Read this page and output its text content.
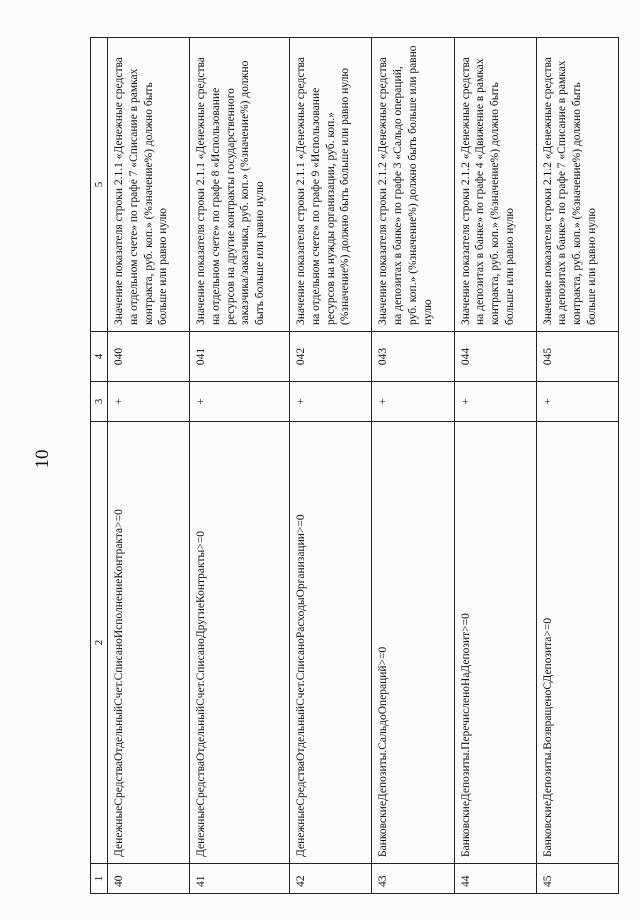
10
1	2	3	4	5
40	ДенежныеСредстваОтдельныйСчет.СписаноИсполнениеКонтракта>=0	+	040	Значение показателя строки 2.1.1 «Денежные средства на отдельном счете» по графе 7 «Списание в рамках контракта, руб. коп.» (%значение%) должно быть больше или равно нулю
41	ДенежныеСредстваОтдельныйСчет.СписаноДругиеКонтракты>=0	+	041	Значение показателя строки 2.1.1 «Денежные средства на отдельном счете» по графе 8 «Использование ресурсов на другие контракты государственного заказчика/заказчика, руб. коп.» (%значение%) должно быть больше или равно нулю
42	ДенежныеСредстваОтдельныйСчет.СписаноРасходыОрганизации>=0	+	042	Значение показателя строки 2.1.1 «Денежные средства на отдельном счете» по графе 9 «Использование ресурсов на нужды организации, руб. коп.» (%значение%) должно быть больше или равно нулю
43	БанковскиеДепозиты.СальдоОпераций>=0	+	043	Значение показателя строки 2.1.2 «Денежные средства на депозитах в банке» по графе 3 «Сальдо операций, руб. коп.» (%значение%) должно быть больше или равно нулю
44	БанковскиеДепозиты.ПеречисленоНаДепозит>=0	+	044	Значение показателя строки 2.1.2 «Денежные средства на депозитах в банке» по графе 4 «Движение в рамках контракта, руб. коп.» (%значение%) должно быть больше или равно нулю
45	БанковскиеДепозиты.ВозвращеноСДепозита>=0	+	045	Значение показателя строки 2.1.2 «Денежные средства на депозитах в банке» по графе 7 «Списание в рамках контракта, руб. коп.» (%значение%) должно быть больше или равно нулю
